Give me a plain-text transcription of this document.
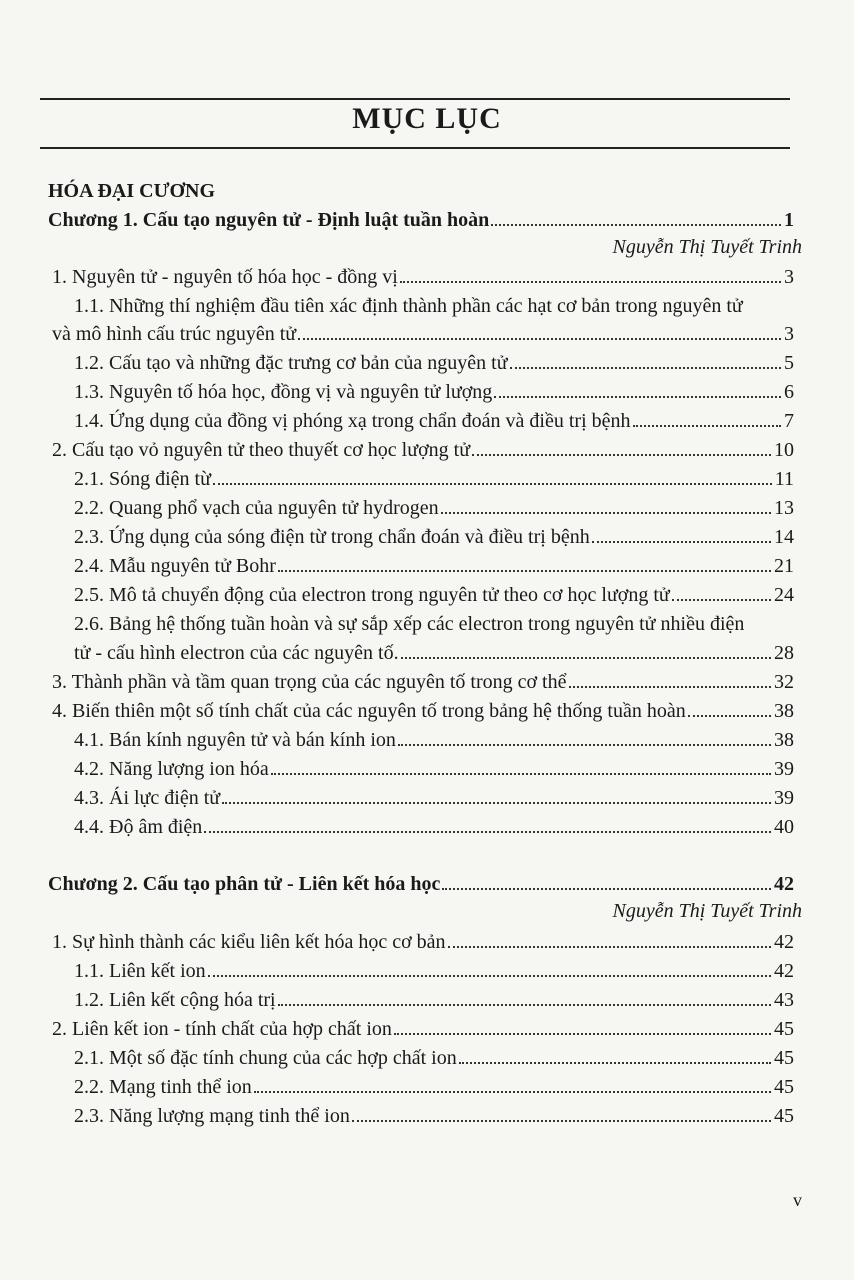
MỤC LỤC
HÓA ĐẠI CƯƠNG
Chương 1. Cấu tạo nguyên tử - Định luật tuần hoàn	1
Nguyễn Thị Tuyết Trinh
1. Nguyên tử - nguyên tố hóa học - đồng vị	3
1.1. Những thí nghiệm đầu tiên xác định thành phần các hạt cơ bản trong nguyên tử
và mô hình cấu trúc nguyên tử	3
1.2. Cấu tạo và những đặc trưng cơ bản của nguyên tử	5
1.3. Nguyên tố hóa học, đồng vị và nguyên tử lượng	6
1.4. Ứng dụng của đồng vị phóng xạ trong chẩn đoán và điều trị bệnh	7
2. Cấu tạo vỏ nguyên tử theo thuyết cơ học lượng tử	10
2.1. Sóng điện từ	11
2.2. Quang phổ vạch của nguyên tử hydrogen	13
2.3. Ứng dụng của sóng điện từ trong chẩn đoán và điều trị bệnh	14
2.4. Mẫu nguyên tử Bohr	21
2.5. Mô tả chuyển động của electron trong nguyên tử theo cơ học lượng tử	24
2.6. Bảng hệ thống tuần hoàn và sự sắp xếp các electron trong nguyên tử nhiều điện
tử - cấu hình electron của các nguyên tố.	28
3. Thành phần và tầm quan trọng của các nguyên tố trong cơ thể	32
4. Biến thiên một số tính chất của các nguyên tố trong bảng hệ thống tuần hoàn	38
4.1. Bán kính nguyên tử và bán kính ion	38
4.2. Năng lượng ion hóa	39
4.3. Ái lực điện tử	39
4.4. Độ âm điện	40
Chương 2. Cấu tạo phân tử - Liên kết hóa học	42
Nguyễn Thị Tuyết Trinh
1. Sự hình thành các kiểu liên kết hóa học cơ bản	42
1.1. Liên kết ion	42
1.2. Liên kết cộng hóa trị	43
2. Liên kết ion - tính chất của hợp chất ion	45
2.1. Một số đặc tính chung của các hợp chất ion	45
2.2. Mạng tinh thể ion	45
2.3. Năng lượng mạng tinh thể ion	45
v
